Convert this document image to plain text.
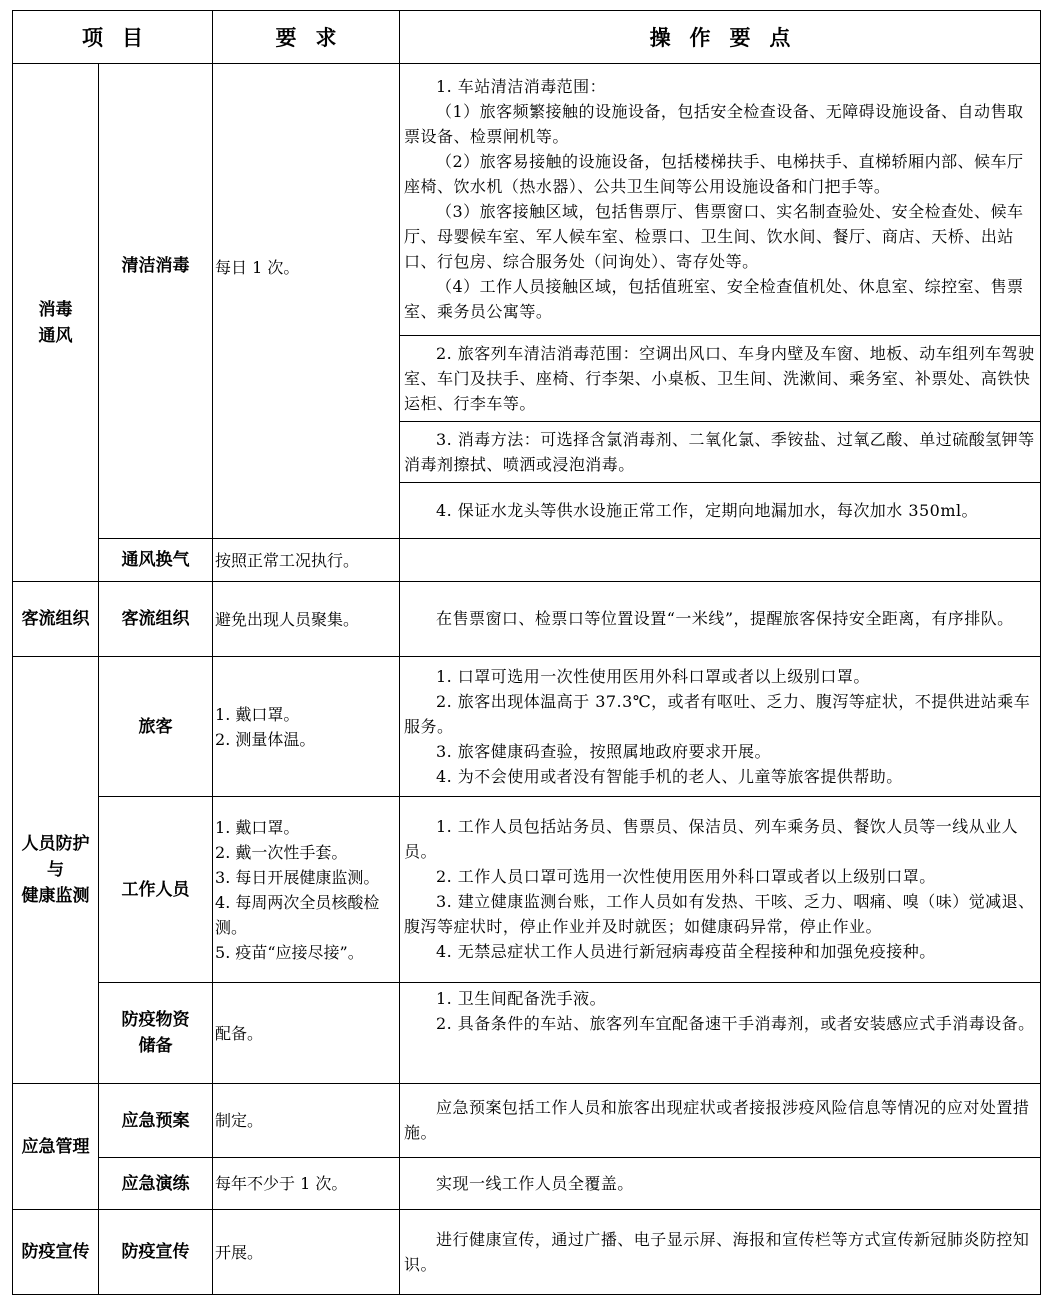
项目		要求	操作要点

消毒
通风	清洁消毒	每日 1 次。	1. 车站清洁消毒范围：
（1）旅客频繁接触的设施设备，包括安全检查设备、无障碍设施设备、自动售取票设备、检票闸机等。
（2）旅客易接触的设施设备，包括楼梯扶手、电梯扶手、直梯轿厢内部、候车厅座椅、饮水机（热水器）、公共卫生间等公用设施设备和门把手等。
（3）旅客接触区域，包括售票厅、售票窗口、实名制查验处、安全检查处、候车厅、母婴候车室、军人候车室、检票口、卫生间、饮水间、餐厅、商店、天桥、出站口、行包房、综合服务处（问询处）、寄存处等。
（4）工作人员接触区域，包括值班室、安全检查值机处、休息室、综控室、售票室、乘务员公寓等。

			2. 旅客列车清洁消毒范围：空调出风口、车身内壁及车窗、地板、动车组列车驾驶室、车门及扶手、座椅、行李架、小桌板、卫生间、洗漱间、乘务室、补票处、高铁快运柜、行李车等。

			3. 消毒方法：可选择含氯消毒剂、二氧化氯、季铵盐、过氧乙酸、单过硫酸氢钾等消毒剂擦拭、喷洒或浸泡消毒。

			4. 保证水龙头等供水设施正常工作，定期向地漏加水，每次加水 350ml。

	通风换气	按照正常工况执行。	
客流组织	客流组织	避免出现人员聚集。	在售票窗口、检票口等位置设置“一米线”，提醒旅客保持安全距离，有序排队。

人员防护
与
健康监测	旅客	1. 戴口罩。
2. 测量体温。	1. 口罩可选用一次性使用医用外科口罩或者以上级别口罩。
2. 旅客出现体温高于 37.3℃，或者有呕吐、乏力、腹泻等症状，不提供进站乘车服务。
3. 旅客健康码查验，按照属地政府要求开展。
4. 为不会使用或者没有智能手机的老人、儿童等旅客提供帮助。

	工作人员	1. 戴口罩。
2. 戴一次性手套。
3. 每日开展健康监测。
4. 每周两次全员核酸检测。
5. 疫苗“应接尽接”。	1. 工作人员包括站务员、售票员、保洁员、列车乘务员、餐饮人员等一线从业人员。
2. 工作人员口罩可选用一次性使用医用外科口罩或者以上级别口罩。
3. 建立健康监测台账，工作人员如有发热、干咳、乏力、咽痛、嗅（味）觉减退、腹泻等症状时，停止作业并及时就医；如健康码异常，停止作业。
4. 无禁忌症状工作人员进行新冠病毒疫苗全程接种和加强免疫接种。

	防疫物资
储备	配备。	1. 卫生间配备洗手液。
2. 具备条件的车站、旅客列车宜配备速干手消毒剂，或者安装感应式手消毒设备。

应急管理	应急预案	制定。	应急预案包括工作人员和旅客出现症状或者接报涉疫风险信息等情况的应对处置措施。

	应急演练	每年不少于 1 次。	实现一线工作人员全覆盖。

防疫宣传	防疫宣传	开展。	进行健康宣传，通过广播、电子显示屏、海报和宣传栏等方式宣传新冠肺炎防控知识。
